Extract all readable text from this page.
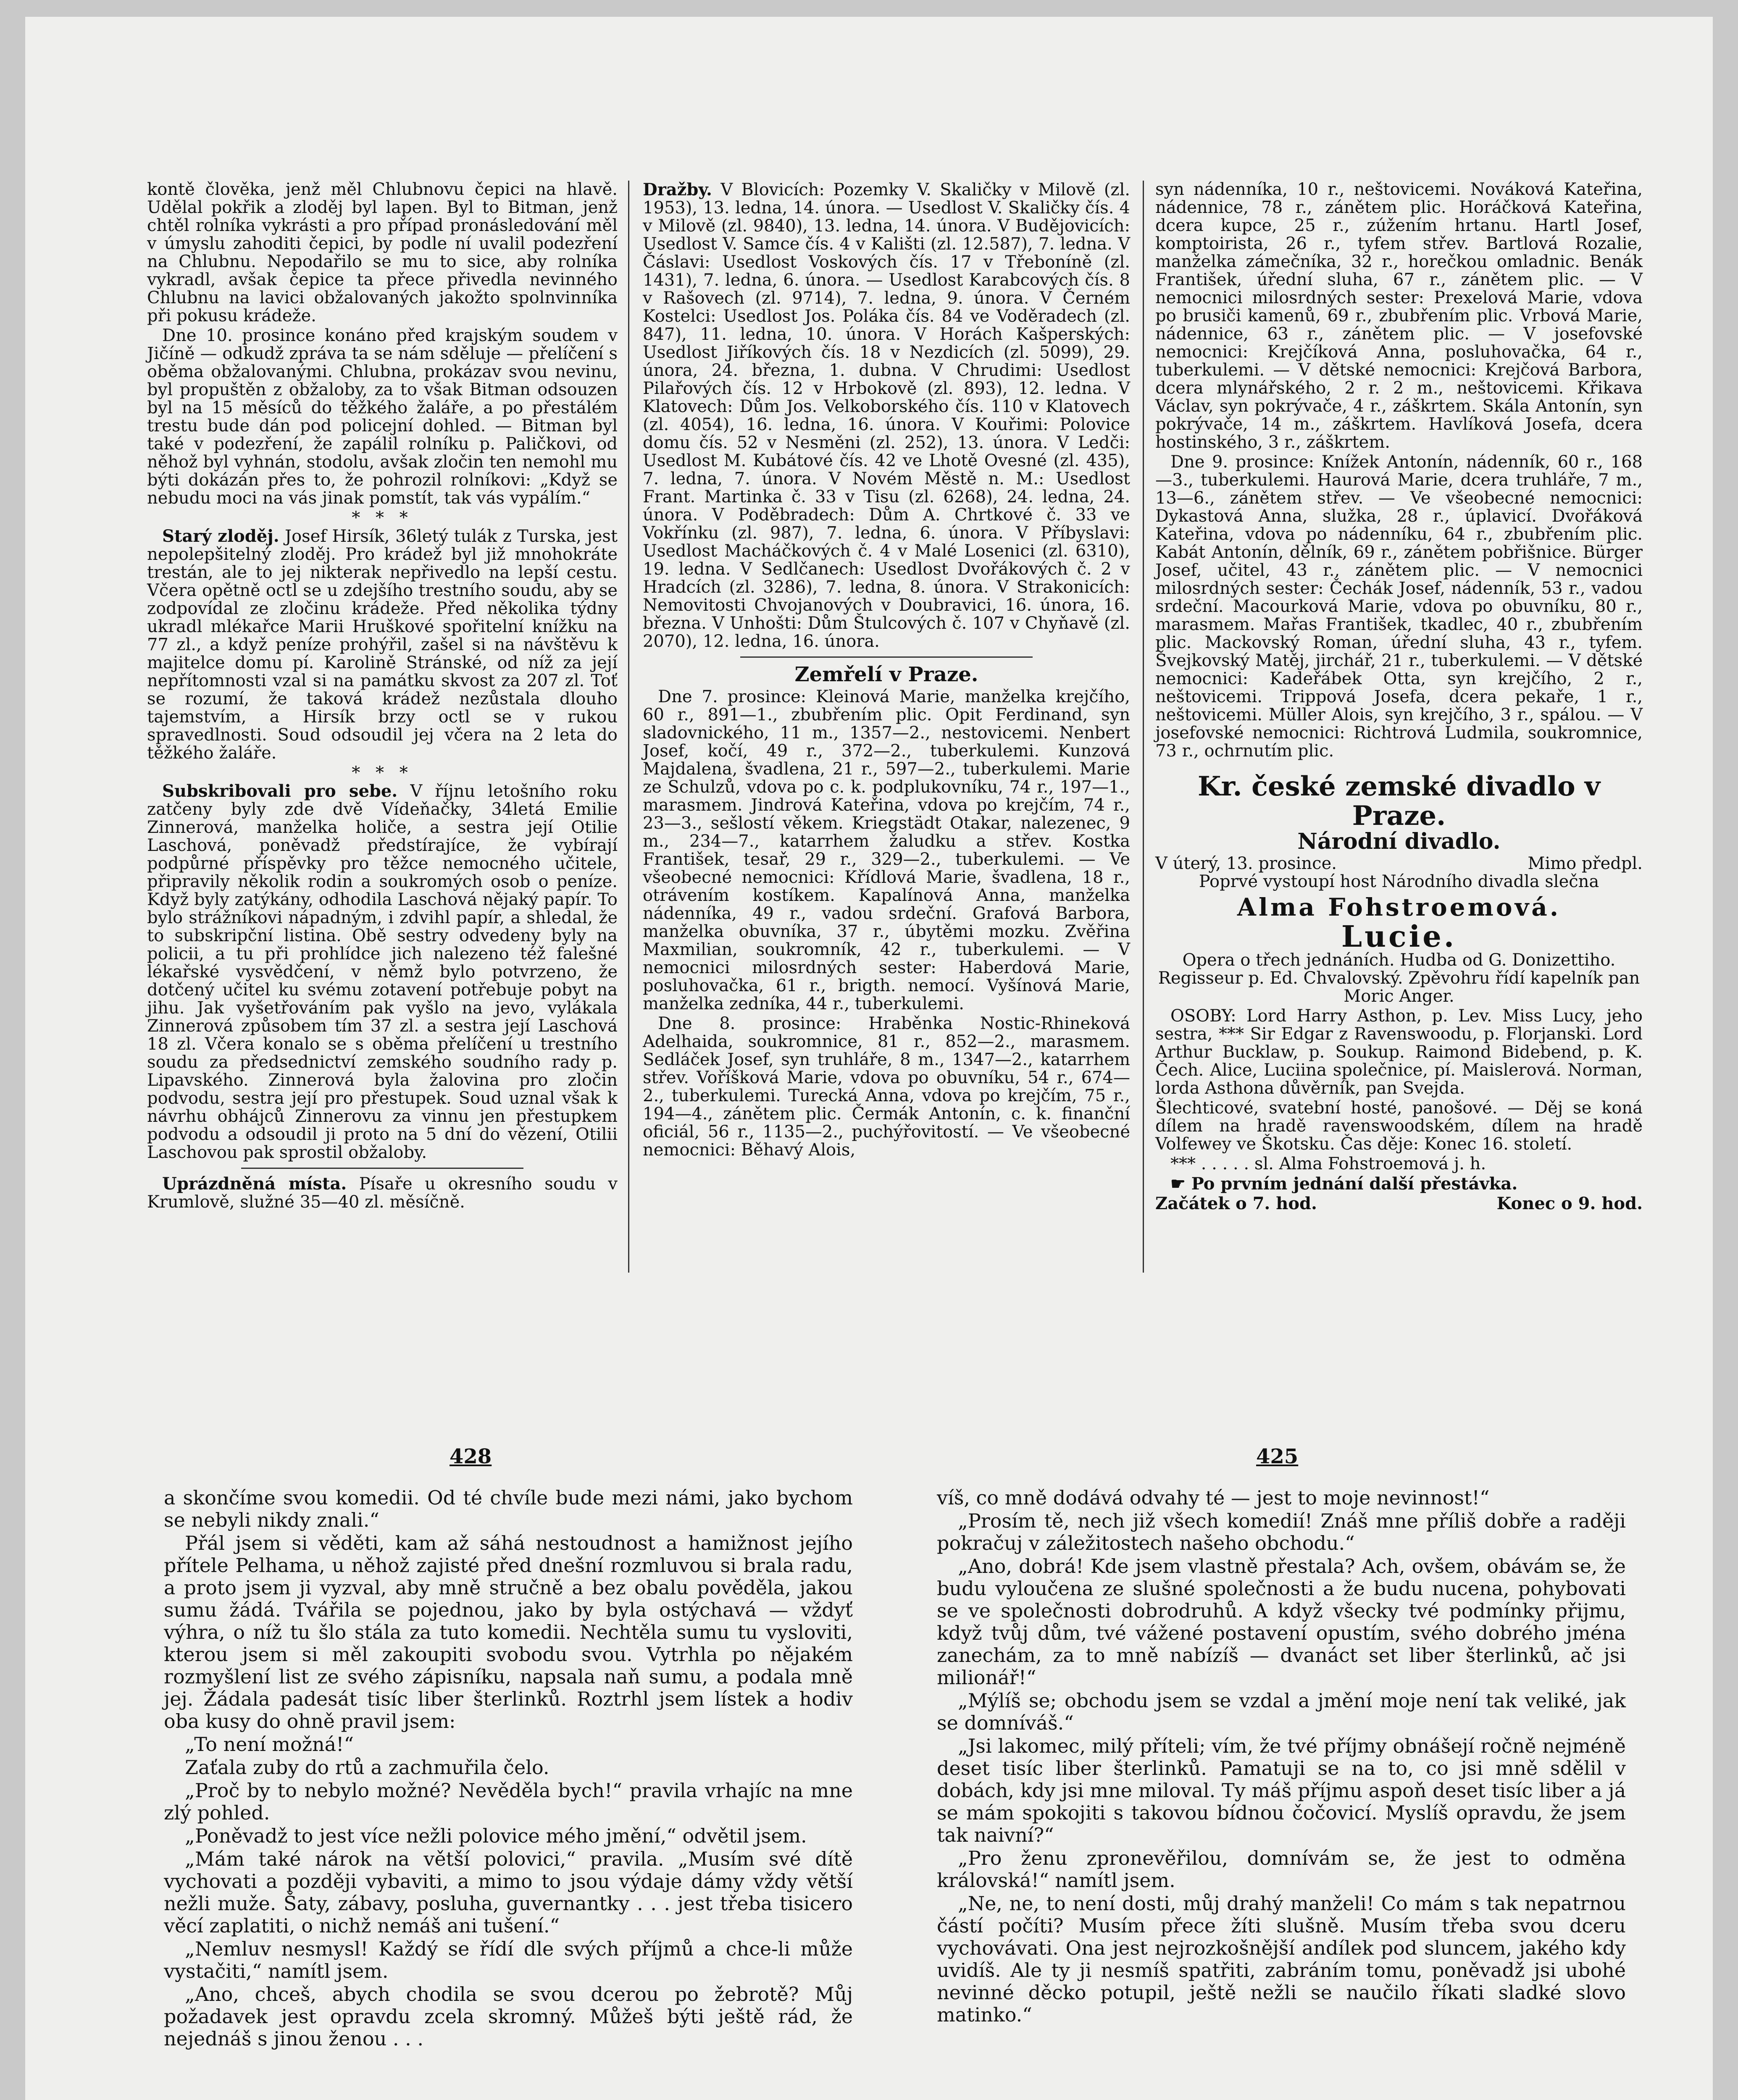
kontě člověka, jenž měl Chlubnovu čepici na hlavě. Udělal pokřik a zloděj byl lapen. Byl to Bitman, jenž chtěl rolníka vykrásti a pro případ pronásledování měl v úmyslu zahoditi čepici, by podle ní uvalil podezření na Chlubnu. Nepodařilo se mu to sice, aby rolníka vykradl, avšak čepice ta přece přivedla nevinného Chlubnu na lavici obžalovaných jakožto spolnvinníka při pokusu krádeže.

Dne 10. prosince konáno před krajským soudem v Jičíně — odkudž zpráva ta se nám sděluje — přelíčení s oběma obžalovanými. Chlubna, prokázav svou nevinu, byl propuštěn z obžaloby, za to však Bitman odsouzen byl na 15 měsíců do těžkého žaláře, a po přestálém trestu bude dán pod policejní dohled. — Bitman byl také v podezření, že zapálil rolníku p. Paličkovi, od něhož byl vyhnán, stodolu, avšak zločin ten nemohl mu býti dokázán přes to, že pohrozil rolníkovi: „Když se nebudu moci na vás jinak pomstít, tak vás vypálím.“

* * *

Starý zloděj. Josef Hirsík, 36letý tulák z Turska, jest nepolepšitelný zloděj. Pro krádež byl již mnohokráte trestán, ale to jej nikterak nepřivedlo na lepší cestu. Včera opětně octl se u zdejšího trestního soudu, aby se zodpovídal ze zločinu krádeže. Před několika týdny ukradl mlékařce Marii Hruškové spořitelní knížku na 77 zl., a když peníze prohýřil, zašel si na návštěvu k majitelce domu pí. Karolině Stránské, od níž za její nepřítomnosti vzal si na památku skvost za 207 zl. Toť se rozumí, že taková krádež nezůstala dlouho tajemstvím, a Hirsík brzy octl se v rukou spravedlnosti. Soud odsoudil jej včera na 2 leta do těžkého žaláře.

* * *

Subskribovali pro sebe. V říjnu letošního roku zatčeny byly zde dvě Vídeňačky, 34letá Emilie Zinnerová, manželka holiče, a sestra její Otilie Laschová, poněvadž předstírajíce, že vybírají podpůrné příspěvky pro těžce nemocného učitele, připravily několik rodin a soukromých osob o peníze. Když byly zatýkány, odhodila Laschová nějaký papír. To bylo strážníkovi nápadným, i zdvihl papír, a shledal, že to subskripční listina. Obě sestry odvedeny byly na policii, a tu při prohlídce jich nalezeno též falešné lékařské vysvědčení, v němž bylo potvrzeno, že dotčený učitel ku svému zotavení potřebuje pobyt na jihu. Jak vyšetřováním pak vyšlo na jevo, vylákala Zinnerová způsobem tím 37 zl. a sestra její Laschová 18 zl. Včera konalo se s oběma přelíčení u trestního soudu za předsednictví zemského soudního rady p. Lipavského. Zinnerová byla žalovina pro zločin podvodu, sestra její pro přestupek. Soud uznal však k návrhu obhájců Zinnerovu za vinnu jen přestupkem podvodu a odsoudil ji proto na 5 dní do vězení, Otilii Laschovou pak sprostil obžaloby.

Uprázdněná místa. Písaře u okresního soudu v Krumlově, služné 35—40 zl. měsíčně.

Dražby. V Blovicích: Pozemky V. Skaličky v Milově (zl. 1953), 13. ledna, 14. února. — Usedlost V. Skaličky čís. 4 v Milově (zl. 9840), 13. ledna, 14. února. V Budějovicích: Usedlost V. Samce čís. 4 v Kališti (zl. 12.587), 7. ledna. V Čáslavi: Usedlost Voskových čís. 17 v Třeboníně (zl. 1431), 7. ledna, 6. února. — Usedlost Karabcových čís. 8 v Rašovech (zl. 9714), 7. ledna, 9. února. V Černém Kostelci: Usedlost Jos. Poláka čís. 84 ve Voděradech (zl. 847), 11. ledna, 10. února. V Horách Kašperských: Usedlost Jiříkových čís. 18 v Nezdicích (zl. 5099), 29. února, 24. března, 1. dubna. V Chrudimi: Usedlost Pilařových čís. 12 v Hrbokově (zl. 893), 12. ledna. V Klatovech: Dům Jos. Velkoborského čís. 110 v Klatovech (zl. 4054), 16. ledna, 16. února. V Kouřimi: Polovice domu čís. 52 v Nesměni (zl. 252), 13. února. V Ledči: Usedlost M. Kubátové čís. 42 ve Lhotě Ovesné (zl. 435), 7. ledna, 7. února. V Novém Městě n. M.: Usedlost Frant. Martinka č. 33 v Tisu (zl. 6268), 24. ledna, 24. února. V Poděbradech: Dům A. Chrtkové č. 33 ve Vokřínku (zl. 987), 7. ledna, 6. února. V Příbyslavi: Usedlost Macháčkových č. 4 v Malé Losenici (zl. 6310), 19. ledna. V Sedlčanech: Usedlost Dvořákových č. 2 v Hradcích (zl. 3286), 7. ledna, 8. února. V Strakonicích: Nemovitosti Chvojanových v Doubravici, 16. února, 16. března. V Unhošti: Dům Štulcových č. 107 v Chyňavě (zl. 2070), 12. ledna, 16. února.

Zemřelí v Praze.

Dne 7. prosince: Kleinová Marie, manželka krejčího, 60 r., 891—1., zbubřením plic. Opit Ferdinand, syn sladovnického, 11 m., 1357—2., nestovicemi. Nenbert Josef, kočí, 49 r., 372—2., tuberkulemi. Kunzová Majdalena, švadlena, 21 r., 597—2., tuberkulemi. Marie ze Schulzů, vdova po c. k. podplukovníku, 74 r., 197—1., marasmem. Jindrová Kateřina, vdova po krejčím, 74 r., 23—3., sešlostí věkem. Kriegstädt Otakar, nalezenec, 9 m., 234—7., katarrhem žaludku a střev. Kostka František, tesař, 29 r., 329—2., tuberkulemi. — Ve všeobecné nemocnici: Křídlová Marie, švadlena, 18 r., otrávením kostíkem. Kapalínová Anna, manželka nádenníka, 49 r., vadou srdeční. Grafová Barbora, manželka obuvníka, 37 r., úbytěmi mozku. Zvěřina Maxmilian, soukromník, 42 r., tuberkulemi. — V nemocnici milosrdných sester: Haberdová Marie, posluhovačka, 61 r., brigth. nemocí. Vyšínová Marie, manželka zedníka, 44 r., tuberkulemi.

Dne 8. prosince: Hraběnka Nostic-Rhineková Adelhaida, soukromnice, 81 r., 852—2., marasmem. Sedláček Josef, syn truhláře, 8 m., 1347—2., katarrhem střev. Voříšková Marie, vdova po obuvníku, 54 r., 674—2., tuberkulemi. Turecká Anna, vdova po krejčím, 75 r., 194—4., zánětem plic. Čermák Antonín, c. k. finanční oficiál, 56 r., 1135—2., puchýřovitostí. — Ve všeobecné nemocnici: Běhavý Alois,

syn nádenníka, 10 r., neštovicemi. Nováková Kateřina, nádennice, 78 r., zánětem plic. Horáčková Kateřina, dcera kupce, 25 r., zúžením hrtanu. Hartl Josef, komptoirista, 26 r., tyfem střev. Bartlová Rozalie, manželka zámečníka, 32 r., horečkou omladnic. Benák František, úřední sluha, 67 r., zánětem plic. — V nemocnici milosrdných sester: Prexelová Marie, vdova po brusiči kamenů, 69 r., zbubřením plic. Vrbová Marie, nádennice, 63 r., zánětem plic. — V josefovské nemocnici: Krejčíková Anna, posluhovačka, 64 r., tuberkulemi. — V dětské nemocnici: Krejčová Barbora, dcera mlynářského, 2 r. 2 m., neštovicemi. Křikava Václav, syn pokrývače, 4 r., záškrtem. Skála Antonín, syn pokrývače, 14 m., záškrtem. Havlíková Josefa, dcera hostinského, 3 r., záškrtem.

Dne 9. prosince: Knížek Antonín, nádenník, 60 r., 168—3., tuberkulemi. Haurová Marie, dcera truhláře, 7 m., 13—6., zánětem střev. — Ve všeobecné nemocnici: Dykastová Anna, služka, 28 r., úplavicí. Dvořáková Kateřina, vdova po nádenníku, 64 r., zbubřením plic. Kabát Antonín, dělník, 69 r., zánětem pobřišnice. Bürger Josef, učitel, 43 r., zánětem plic. — V nemocnici milosrdných sester: Čechák Josef, nádenník, 53 r., vadou srdeční. Macourková Marie, vdova po obuvníku, 80 r., marasmem. Mařas František, tkadlec, 40 r., zbubřením plic. Mackovský Roman, úřední sluha, 43 r., tyfem. Švejkovský Matěj, jirchář, 21 r., tuberkulemi. — V dětské nemocnici: Kadeřábek Otta, syn krejčího, 2 r., neštovicemi. Trippová Josefa, dcera pekaře, 1 r., neštovicemi. Müller Alois, syn krejčího, 3 r., spálou. — V josefovské nemocnici: Richtrová Ludmila, soukromnice, 73 r., ochrnutím plic.

Kr. české zemské divadlo v Praze.
Národní divadlo.
V úterý, 13. prosince.	Mimo předpl.

Poprvé vystoupí host Národního divadla slečna

Alma Fohstroemová.
Lucie.

Opera o třech jednáních. Hudba od G. Donizettiho. Regisseur p. Ed. Chvalovský. Zpěvohru řídí kapelník pan Moric Anger.

OSOBY: Lord Harry Asthon, p. Lev. Miss Lucy, jeho sestra, *** Sir Edgar z Ravenswoodu, p. Florjanski. Lord Arthur Bucklaw, p. Soukup. Raimond Bidebend, p. K. Čech. Alice, Luciina společnice, pí. Maislerová. Norman, lorda Asthona důvěrník, pan Svejda.

Šlechticové, svatební hosté, panošové. — Děj se koná dílem na hradě ravenswoodském, dílem na hradě Volfewey ve Škotsku. Čas děje: Konec 16. století.

*** . . . . . sl. Alma Fohstroemová j. h.

☛ Po prvním jednání další přestávka.

Začátek o 7. hod.	Konec o 9. hod.
428	425

a skončíme svou komedii. Od té chvíle bude mezi námi, jako bychom se nebyli nikdy znali.“

Přál jsem si věděti, kam až sáhá nestoudnost a hamižnost jejího přítele Pelhama, u něhož zajisté před dnešní rozmluvou si brala radu, a proto jsem ji vyzval, aby mně stručně a bez obalu pověděla, jakou sumu žádá. Tvářila se pojednou, jako by byla ostýchavá — vždyť výhra, o níž tu šlo stála za tuto komedii. Nechtěla sumu tu vysloviti, kterou jsem si měl zakoupiti svobodu svou. Vytrhla po nějakém rozmyšlení list ze svého zápisníku, napsala naň sumu, a podala mně jej. Žádala padesát tisíc liber šterlinků. Roztrhl jsem lístek a hodiv oba kusy do ohně pravil jsem:

„To není možná!“

Zaťala zuby do rtů a zachmuřila čelo.

„Proč by to nebylo možné? Nevěděla bych!“ pravila vrhajíc na mne zlý pohled.

„Poněvadž to jest více nežli polovice mého jmění,“ odvětil jsem.

„Mám také nárok na větší polovici,“ pravila. „Musím své dítě vychovati a později vybaviti, a mimo to jsou výdaje dámy vždy větší nežli muže. Šaty, zábavy, posluha, guvernantky . . . jest třeba tisicero věcí zaplatiti, o nichž nemáš ani tušení.“

„Nemluv nesmysl! Každý se řídí dle svých příjmů a chce-li může vystačiti,“ namítl jsem.

„Ano, chceš, abych chodila se svou dcerou po žebrotě? Můj požadavek jest opravdu zcela skromný. Můžeš býti ještě rád, že nejednáš s jinou ženou . . .

víš, co mně dodává odvahy té — jest to moje nevinnost!“

„Prosím tě, nech již všech komedií! Znáš mne příliš dobře a raději pokračuj v záležitostech našeho obchodu.“

„Ano, dobrá! Kde jsem vlastně přestala? Ach, ovšem, obávám se, že budu vyloučena ze slušné společnosti a že budu nucena, pohybovati se ve společnosti dobrodruhů. A když všecky tvé podmínky přijmu, když tvůj dům, tvé vážené postavení opustím, svého dobrého jména zanechám, za to mně nabízíš — dvanáct set liber šterlinků, ač jsi milionář!“

„Mýlíš se; obchodu jsem se vzdal a jmění moje není tak veliké, jak se domníváš.“

„Jsi lakomec, milý příteli; vím, že tvé příjmy obnášejí ročně nejméně deset tisíc liber šterlinků. Pamatuji se na to, co jsi mně sdělil v dobách, kdy jsi mne miloval. Ty máš příjmu aspoň deset tisíc liber a já se mám spokojiti s takovou bídnou čočovicí. Myslíš opravdu, že jsem tak naivní?“

„Pro ženu zpronevěřilou, domnívám se, že jest to odměna královská!“ namítl jsem.

„Ne, ne, to není dosti, můj drahý manželi! Co mám s tak nepatrnou částí počíti? Musím přece žíti slušně. Musím třeba svou dceru vychovávati. Ona jest nejrozkošnější andílek pod sluncem, jakého kdy uvidíš. Ale ty ji nesmíš spatřiti, zabráním tomu, poněvadž jsi ubohé nevinné děcko potupil, ještě nežli se naučilo říkati sladké slovo matinko.“
